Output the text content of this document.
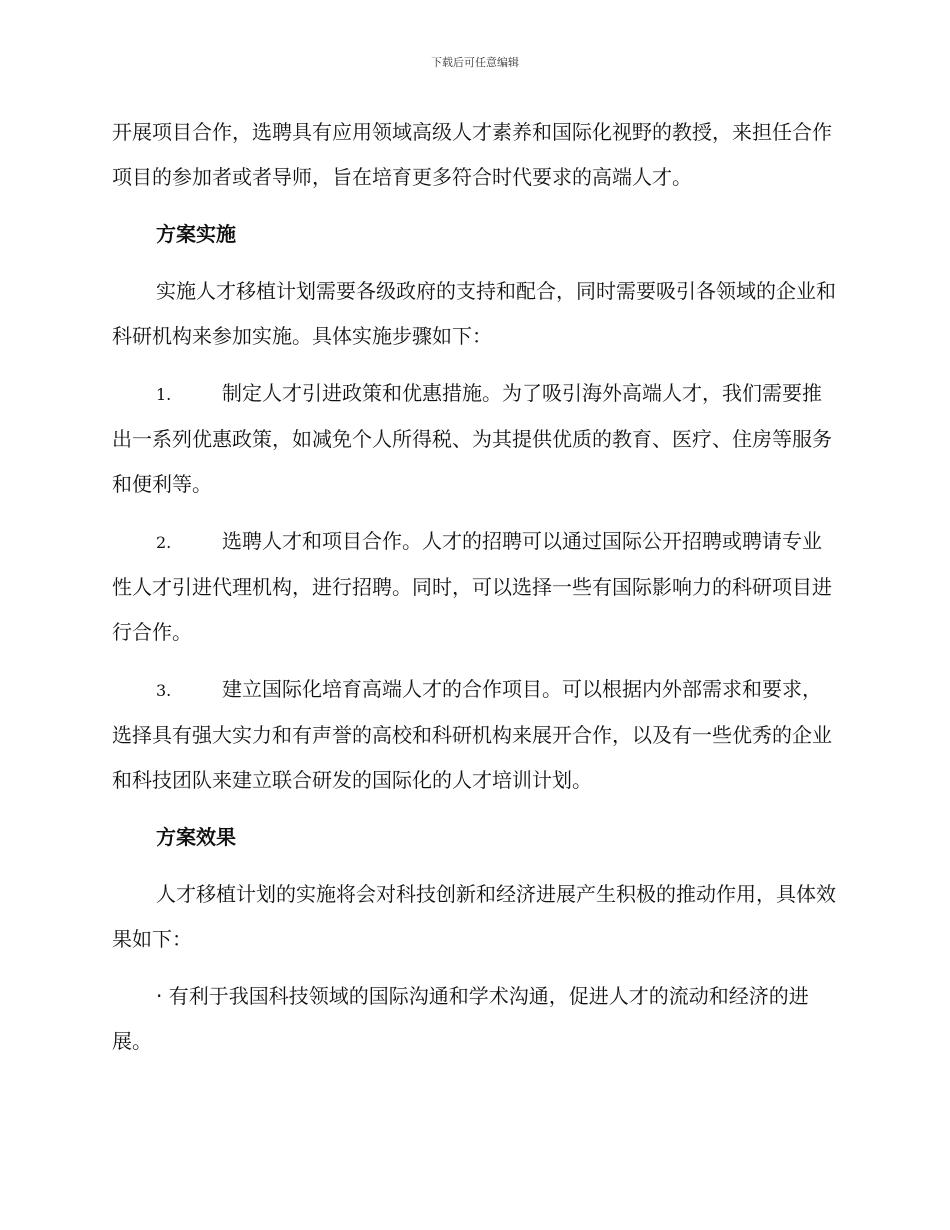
下载后可任意编辑

开展项目合作，选聘具有应用领域高级人才素养和国际化视野的教授，来担任合作项目的参加者或者导师，旨在培育更多符合时代要求的高端人才。

方案实施

实施人才移植计划需要各级政府的支持和配合，同时需要吸引各领域的企业和科研机构来参加实施。具体实施步骤如下：

1.	制定人才引进政策和优惠措施。为了吸引海外高端人才，我们需要推出一系列优惠政策，如减免个人所得税、为其提供优质的教育、医疗、住房等服务和便利等。

2.	选聘人才和项目合作。人才的招聘可以通过国际公开招聘或聘请专业性人才引进代理机构，进行招聘。同时，可以选择一些有国际影响力的科研项目进行合作。

3.	建立国际化培育高端人才的合作项目。可以根据内外部需求和要求，选择具有强大实力和有声誉的高校和科研机构来展开合作，以及有一些优秀的企业和科技团队来建立联合研发的国际化的人才培训计划。

方案效果

人才移植计划的实施将会对科技创新和经济进展产生积极的推动作用，具体效果如下：

· 有利于我国科技领域的国际沟通和学术沟通，促进人才的流动和经济的进展。
